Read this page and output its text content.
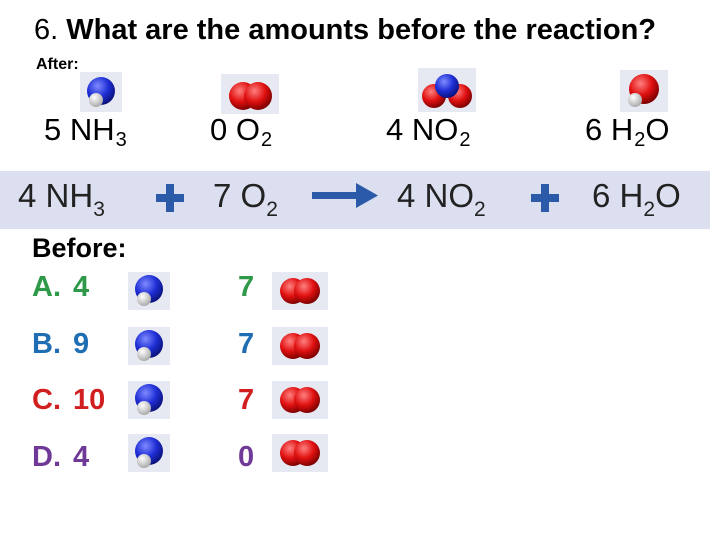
6. What are the amounts before the reaction?
After:
5 $NH_3$	0 $O_2$	4 $NO_2$	6 $H_2O$
4 $NH_3$	7 $O_2$	4 $NO_2$	6 $H_2O$
Before:
A. 4	7
B. 9	7
C. 10	7
D. 4	0
